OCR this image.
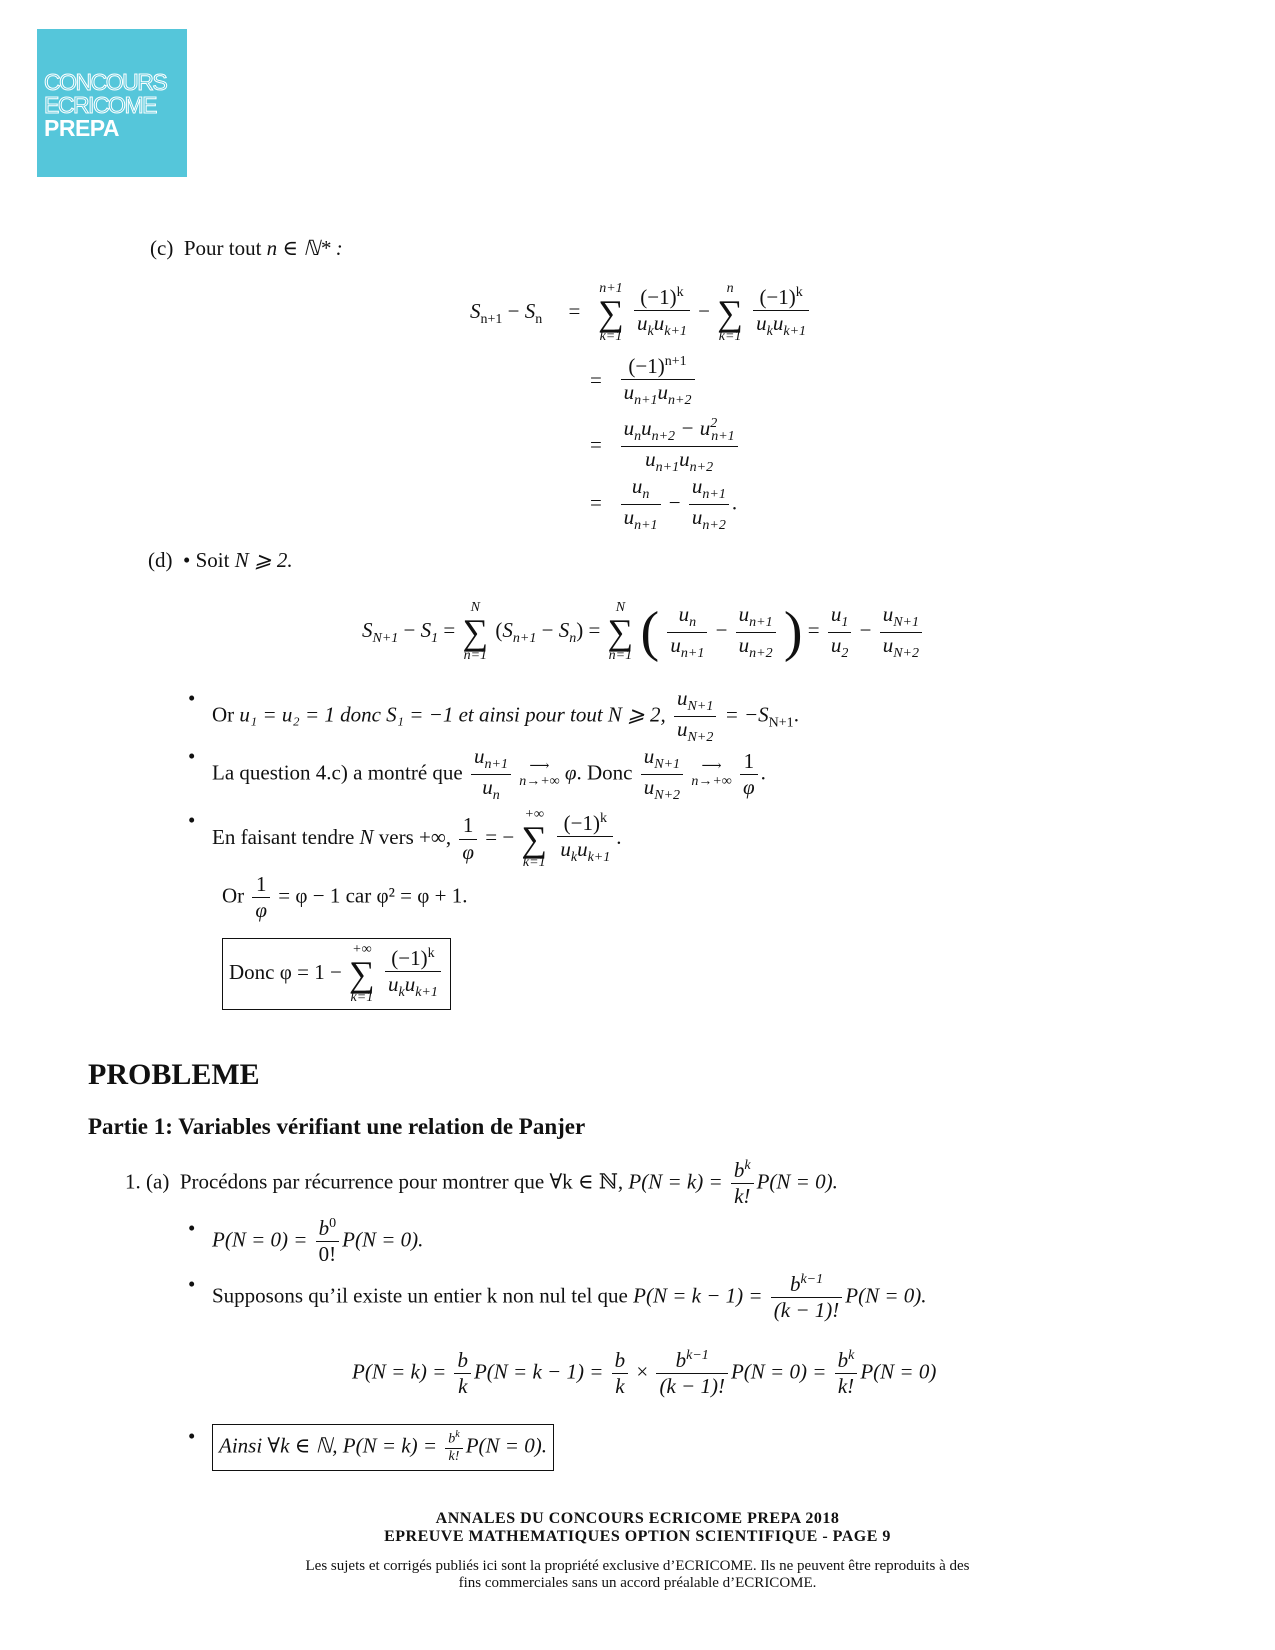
CONCOURS
ECRICOME
PREPA
(c) Pour tout n ∈ ℕ* :
$S_{n+1} - S_n$     =
n+1
∑
k=1
$\frac{(-1)^k}{u_ku_{k+1}}$ −
n
∑
k=1
$\frac{(-1)^k}{u_ku_{k+1}}$
= $\frac{(-1)^{n+1}}{u_{n+1}u_{n+2}}$
= $\frac{u_nu_{n+2} - u^2_{n+1}}{u_{n+1}u_{n+2}}$
= $\frac{u_n}{u_{n+1}} - \frac{u_{n+1}}{u_{n+2}}$ .
(d)  • Soit N ⩾ 2.
$S_{N+1} - S_1$ =
N
∑
n=1
$(S_{n+1} - S_n)$ =
N
∑
n=1 ( $\frac{u_n}{u_{n+1}} - \frac{u_{n+1}}{u_{n+2}}$ ) = $\frac{u_1}{u_2} - \frac{u_{N+1}}{u_{N+2}}$
• Or u₁ = u₂ = 1 donc S₁ = −1 et ainsi pour tout N ⩾ 2, $\frac{u_{N+1}}{u_{N+2}} = -S_{N+1}$.
• La question 4.c) a montré que $\frac{u_{n+1}}{u_n}$
	⟶
n→+∞ φ. Donc $\frac{u_{N+1}}{u_{N+2}}$
	⟶
n→+∞
$\frac{1}{\varphi}$ .
• En faisant tendre N vers +∞, $\frac{1}{\varphi}$ = −
+∞
∑
k=1
$\frac{(-1)^k}{u_ku_{k+1}}$ .
Or $\frac{1}{\varphi} = \varphi - 1$ car φ² = φ + 1.
Donc φ = 1 −
+∞
∑
k=1
$\frac{(-1)^k}{u_ku_{k+1}}$
PROBLEME
Partie 1: Variables vérifiant une relation de Panjer
1. (a) Procédons par récurrence pour montrer que ∀k ∈ ℕ, $P(N = k) = \frac{b^k}{k!} P(N = 0)$.
• $P(N = 0) = \frac{b^0}{0!} P(N = 0)$.
• Supposons qu’il existe un entier k non nul tel que $P(N = k - 1) = \frac{b^{k-1}}{(k - 1)!} P(N = 0)$.
$P(N = k) = \frac{b}{k} P(N = k - 1) = \frac{b}{k} \times \frac{b^{k-1}}{(k - 1)!} P(N = 0) = \frac{b^k}{k!} P(N = 0)$
• Ainsi ∀k ∈ ℕ, $P(N = k) = \frac{b^k}{k!} P(N = 0)$.
ANNALES DU CONCOURS ECRICOME PREPA 2018
EPREUVE MATHEMATIQUES OPTION SCIENTIFIQUE - PAGE 9
Les sujets et corrigés publiés ici sont la propriété exclusive d’ECRICOME. Ils ne peuvent être reproduits à des
fins commerciales sans un accord préalable d’ECRICOME.
